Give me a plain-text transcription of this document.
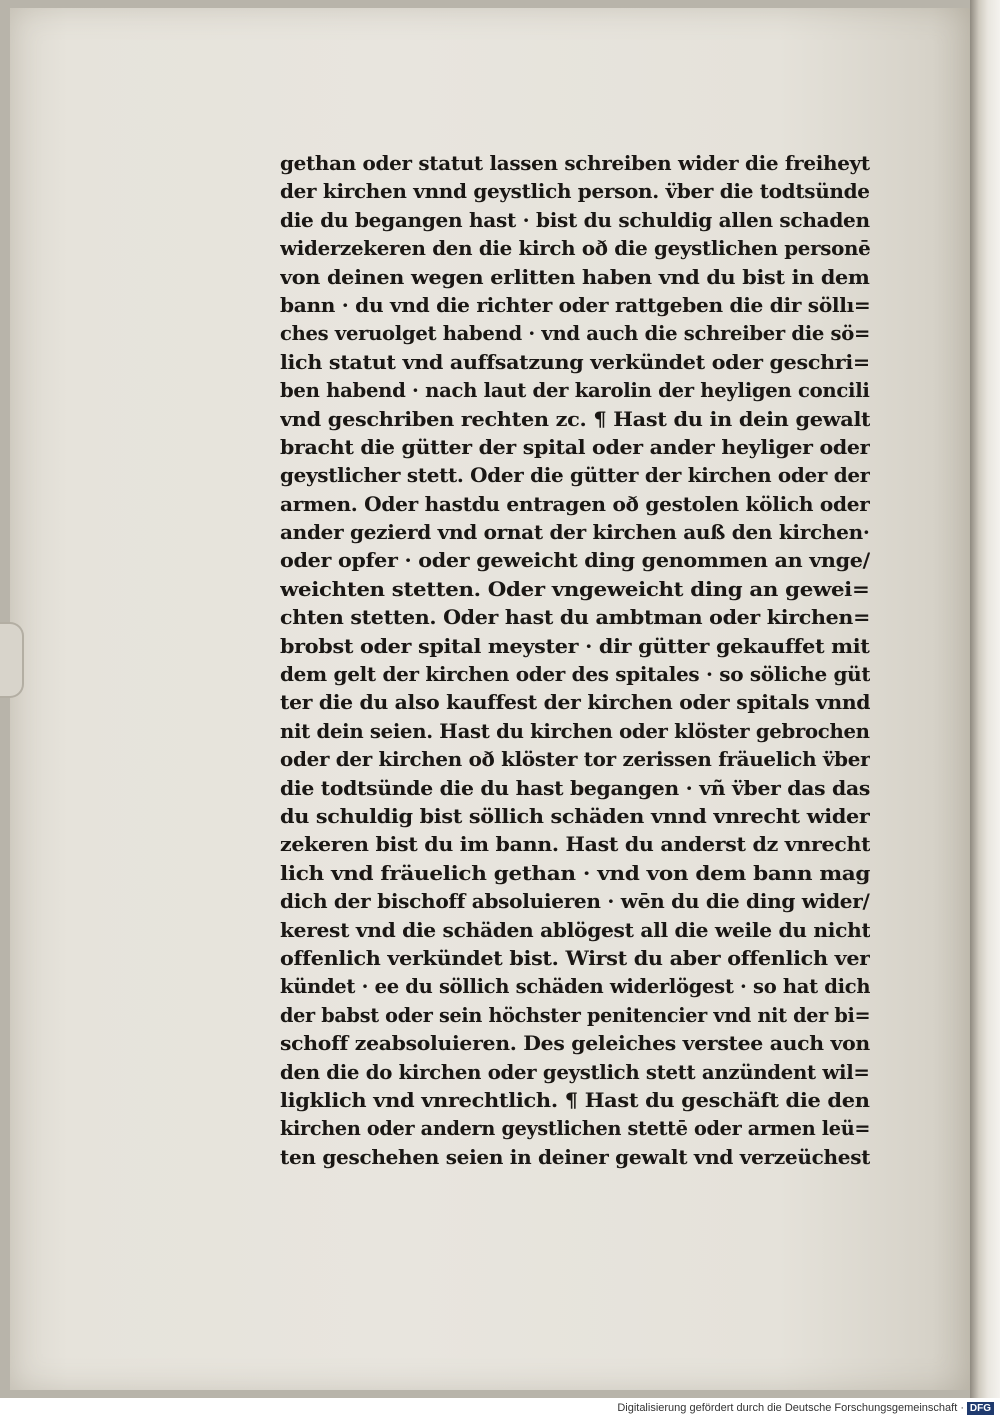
gethan oder statut lassen schreiben wider die freiheyt
der kirchen vnnd geystlich person. v̈ber die todtsünde
die du begangen hast · bist du schuldig allen schaden
widerzekeren den die kirch oð die geystlichen personē
von deinen wegen erlitten haben vnd du bist in dem
bann · du vnd die richter oder rattgeben die dir söllı=
ches veruolget habend · vnd auch die schreiber die sö=
lich statut vnd auffsatzung verkündet oder geschri=
ben habend · nach laut der karolin der heyligen concili
vnd geschriben rechten zc. ¶ Hast du in dein gewalt
bracht die gütter der spital oder ander heyliger oder
geystlicher stett. Oder die gütter der kirchen oder der
armen. Oder hastdu entragen oð gestolen kölich oder
ander gezierd vnd ornat der kirchen auß den kirchen·
oder opfer · oder geweicht ding genommen an vnge/
weichten stetten. Oder vngeweicht ding an gewei=
chten stetten. Oder hast du ambtman oder kirchen=
brobst oder spital meyster · dir gütter gekauffet mit
dem gelt der kirchen oder des spitales · so söliche güt
ter die du also kauffest der kirchen oder spitals vnnd
nit dein seien. Hast du kirchen oder klöster gebrochen
oder der kirchen oð klöster tor zerissen fräuelich v̈ber
die todtsünde die du hast begangen · vñ v̈ber das das
du schuldig bist söllich schäden vnnd vnrecht wider
zekeren bist du im bann. Hast du anderst dz vnrecht
lich vnd fräuelich gethan · vnd von dem bann mag
dich der bischoff absoluieren · wēn du die ding wider/
kerest vnd die schäden ablögest all die weile du nicht
offenlich verkündet bist. Wirst du aber offenlich ver
kündet · ee du söllich schäden widerlögest · so hat dich
der babst oder sein höchster penitencier vnd nit der bi=
schoff zeabsoluieren. Des geleiches verstee auch von
den die do kirchen oder geystlich stett anzündent wil=
ligklich vnd vnrechtlich. ¶ Hast du geschäft die den
kirchen oder andern geystlichen stettē oder armen leü=
ten geschehen seien in deiner gewalt vnd verzeüchest
Digitalisierung gefördert durch die Deutsche Forschungsgemeinschaft · DFG
